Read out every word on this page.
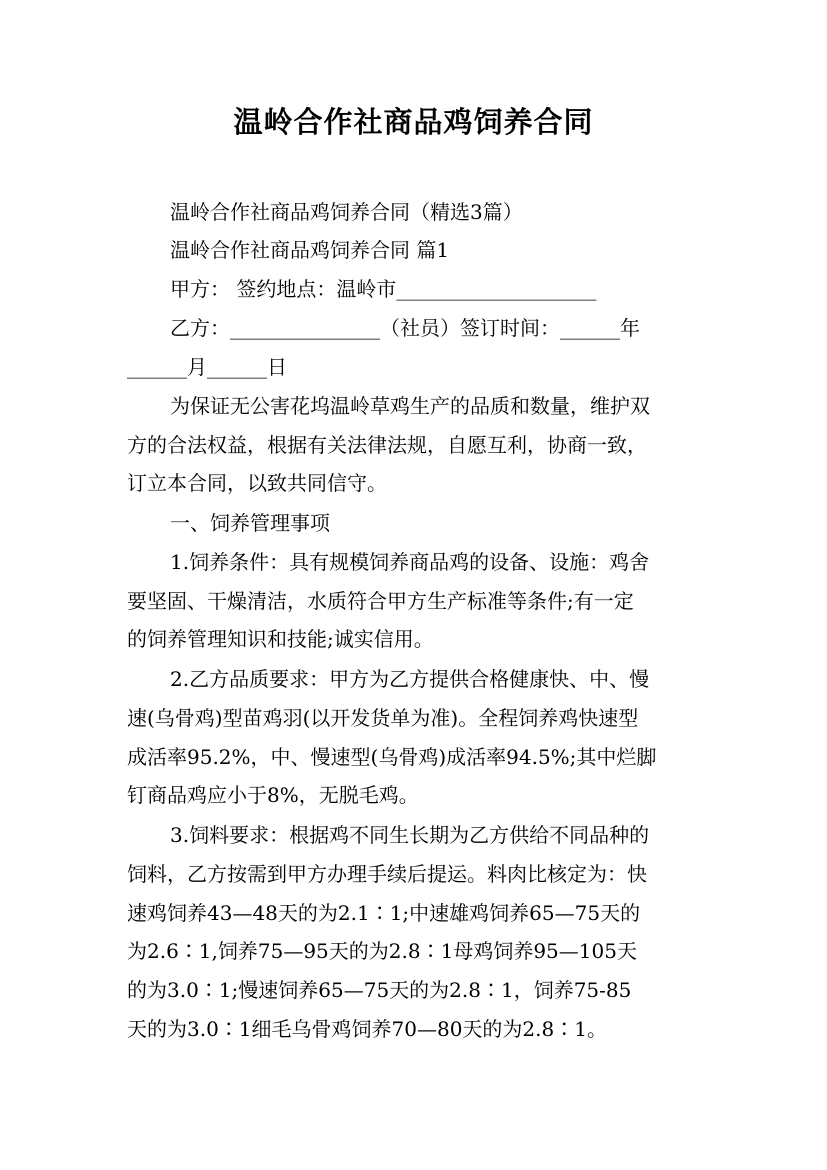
温岭合作社商品鸡饲养合同
温岭合作社商品鸡饲养合同（精选3篇）
温岭合作社商品鸡饲养合同 篇1
甲方： 签约地点：温岭市____________________
乙方：_______________（社员）签订时间：______年
______月______日
为保证无公害花坞温岭草鸡生产的品质和数量，维护双
方的合法权益，根据有关法律法规，自愿互利，协商一致，
订立本合同，以致共同信守。
一、饲养管理事项
1.饲养条件：具有规模饲养商品鸡的设备、设施：鸡舍
要坚固、干燥清洁，水质符合甲方生产标准等条件;有一定
的饲养管理知识和技能;诚实信用。
2.乙方品质要求：甲方为乙方提供合格健康快、中、慢
速(乌骨鸡)型苗鸡羽(以开发货单为准)。全程饲养鸡快速型
成活率95.2%，中、慢速型(乌骨鸡)成活率94.5%;其中烂脚
钉商品鸡应小于8%，无脱毛鸡。
3.饲料要求：根据鸡不同生长期为乙方供给不同品种的
饲料，乙方按需到甲方办理手续后提运。料肉比核定为：快
速鸡饲养43—48天的为2.1∶1;中速雄鸡饲养65—75天的
为2.6∶1,饲养75—95天的为2.8∶1母鸡饲养95—105天
的为3.0∶1;慢速饲养65—75天的为2.8∶1，饲养75-85
天的为3.0∶1细毛乌骨鸡饲养70—80天的为2.8∶1。
